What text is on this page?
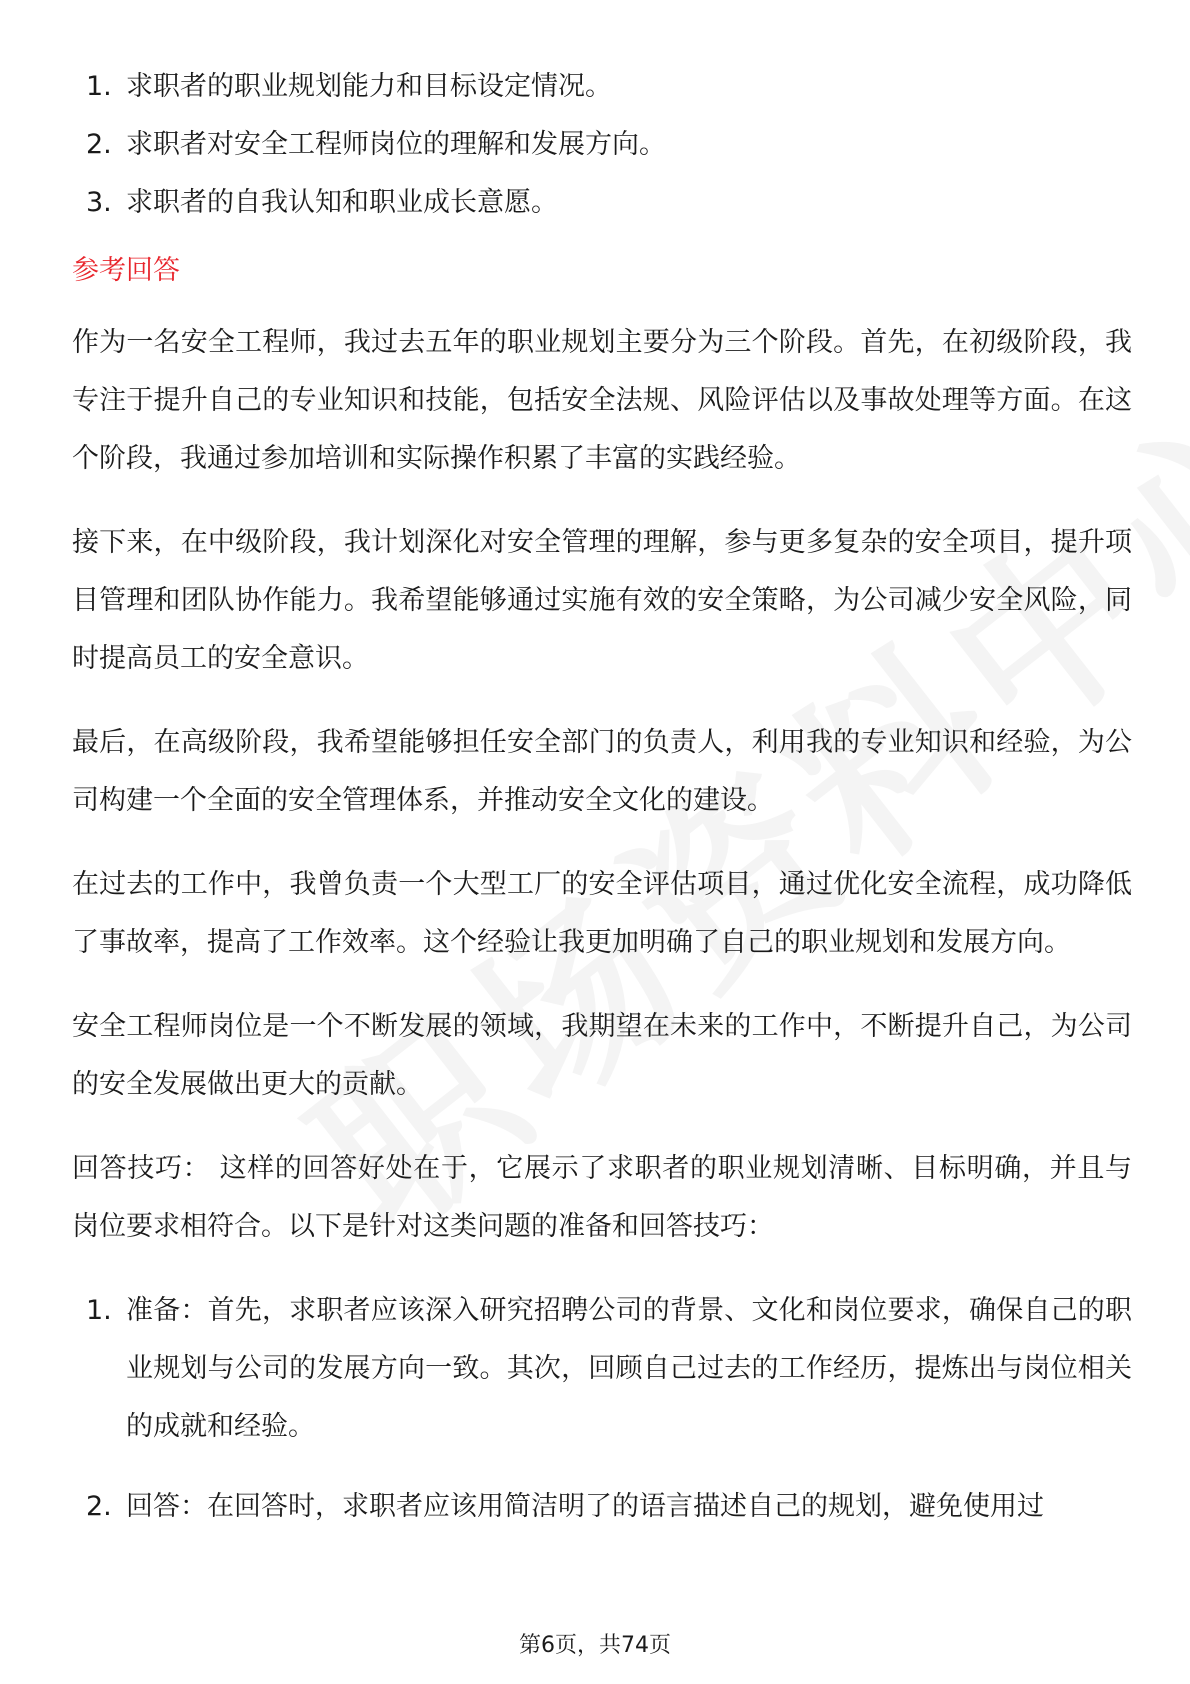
1. 求职者的职业规划能力和目标设定情况。
2. 求职者对安全工程师岗位的理解和发展方向。
3. 求职者的自我认知和职业成长意愿。
参考回答

作为一名安全工程师，我过去五年的职业规划主要分为三个阶段。首先，在初级阶段，我专注于提升自己的专业知识和技能，包括安全法规、风险评估以及事故处理等方面。在这个阶段，我通过参加培训和实际操作积累了丰富的实践经验。

接下来，在中级阶段，我计划深化对安全管理的理解，参与更多复杂的安全项目，提升项目管理和团队协作能力。我希望能够通过实施有效的安全策略，为公司减少安全风险，同时提高员工的安全意识。

最后，在高级阶段，我希望能够担任安全部门的负责人，利用我的专业知识和经验，为公司构建一个全面的安全管理体系，并推动安全文化的建设。

在过去的工作中，我曾负责一个大型工厂的安全评估项目，通过优化安全流程，成功降低了事故率，提高了工作效率。这个经验让我更加明确了自己的职业规划和发展方向。

安全工程师岗位是一个不断发展的领域，我期望在未来的工作中，不断提升自己，为公司的安全发展做出更大的贡献。

回答技巧： 这样的回答好处在于，它展示了求职者的职业规划清晰、目标明确，并且与岗位要求相符合。以下是针对这类问题的准备和回答技巧：

1. 准备：首先，求职者应该深入研究招聘公司的背景、文化和岗位要求，确保自己的职业规划与公司的发展方向一致。其次，回顾自己过去的工作经历，提炼出与岗位相关的成就和经验。
2. 回答：在回答时，求职者应该用简洁明了的语言描述自己的规划，避免使用过
第6页，共74页
